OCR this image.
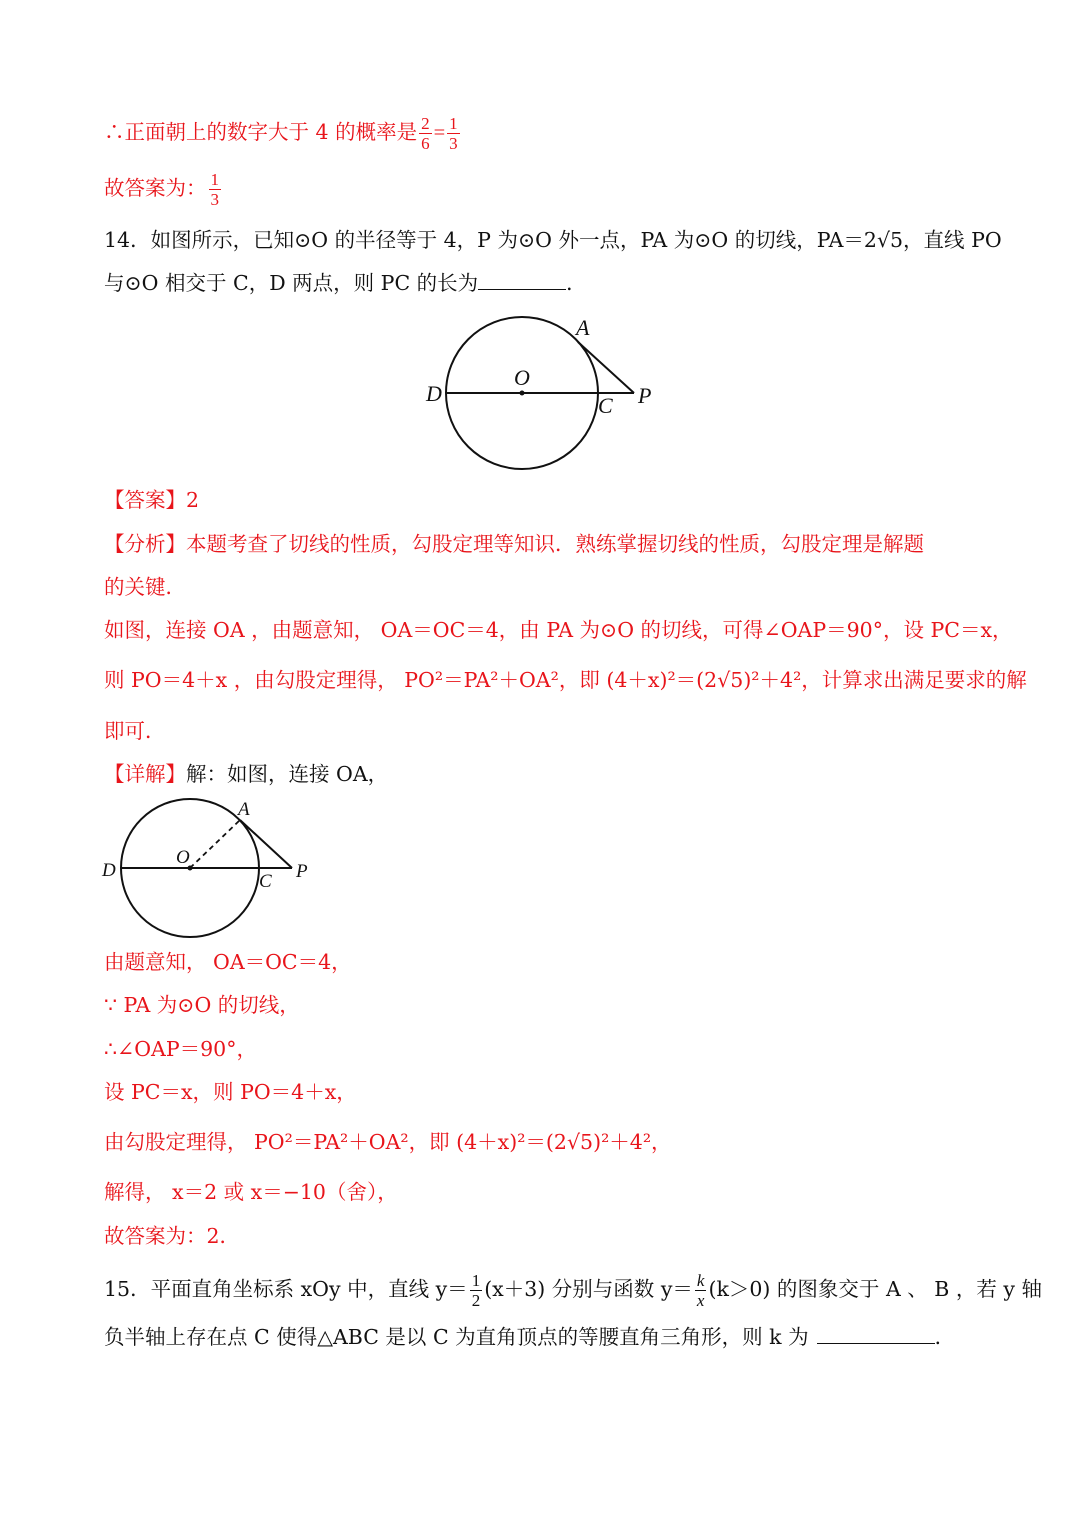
∴正面朝上的数字大于 4 的概率是 $\frac{2}{6} = \frac{1}{3}$
故答案为： $\frac{1}{3}$
14．如图所示，已知⊙O 的半径等于 4，P 为⊙O 外一点，PA 为⊙O 的切线，PA＝2√5，直线 PO
与⊙O 相交于 C，D 两点，则 PC 的长为	．
A
O
D	C P
【答案】2
【分析】本题考查了切线的性质，勾股定理等知识．熟练掌握切线的性质，勾股定理是解题
的关键．
如图，连接 OA ，由题意知， OA＝OC＝4，由 PA 为⊙O 的切线，可得∠OAP＝90°，设 PC＝x，
则 PO＝4＋x ，由勾股定理得， PO²＝PA²＋OA²，即 (4＋x)²＝(2√5)²＋4²，计算求出满足要求的解
即可．
【详解】解：如图，连接 OA，
A
O
D
C P
由题意知， OA＝OC＝4，
∵ PA 为⊙O 的切线，
∴∠OAP＝90°，
设 PC＝x，则 PO＝4＋x，
由勾股定理得， PO²＝PA²＋OA²，即 (4＋x)²＝(2√5)²＋4²，
解得， x＝2 或 x＝−10（舍），
故答案为：2．
15．平面直角坐标系 xOy 中，直线 $y= \frac{1}{2} (x+3)$ 分别与函数 $y= \frac{k}{x} (k>0)$ 的图象交于 A 、 B ，若 y 轴
负半轴上存在点 C 使得△ABC 是以 C 为直角顶点的等腰直角三角形，则 k 为	．
